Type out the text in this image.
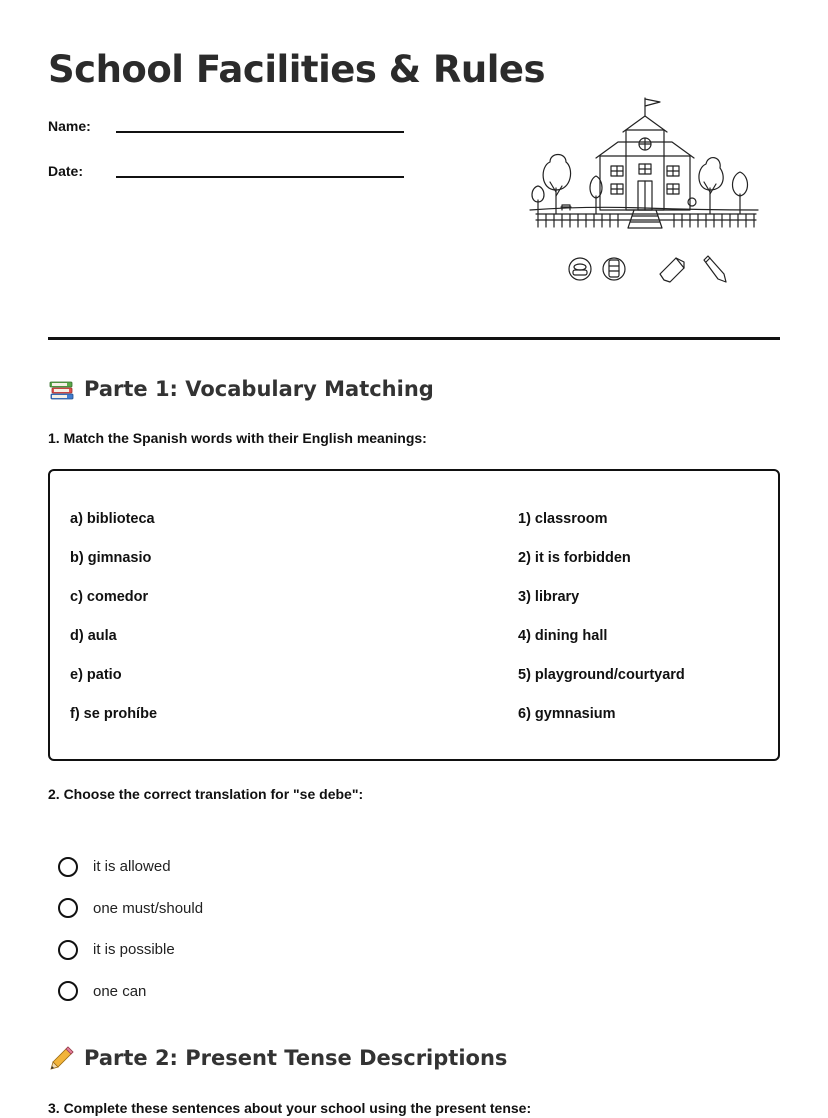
School Facilities & Rules
Name:
Date:
Parte 1: Vocabulary Matching
1. Match the Spanish words with their English meanings:
a) biblioteca
b) gimnasio
c) comedor
d) aula
e) patio
f) se prohíbe
1) classroom
2) it is forbidden
3) library
4) dining hall
5) playground/courtyard
6) gymnasium
2. Choose the correct translation for "se debe":
it is allowed
one must/should
it is possible
one can
Parte 2: Present Tense Descriptions
3. Complete these sentences about your school using the present tense:
